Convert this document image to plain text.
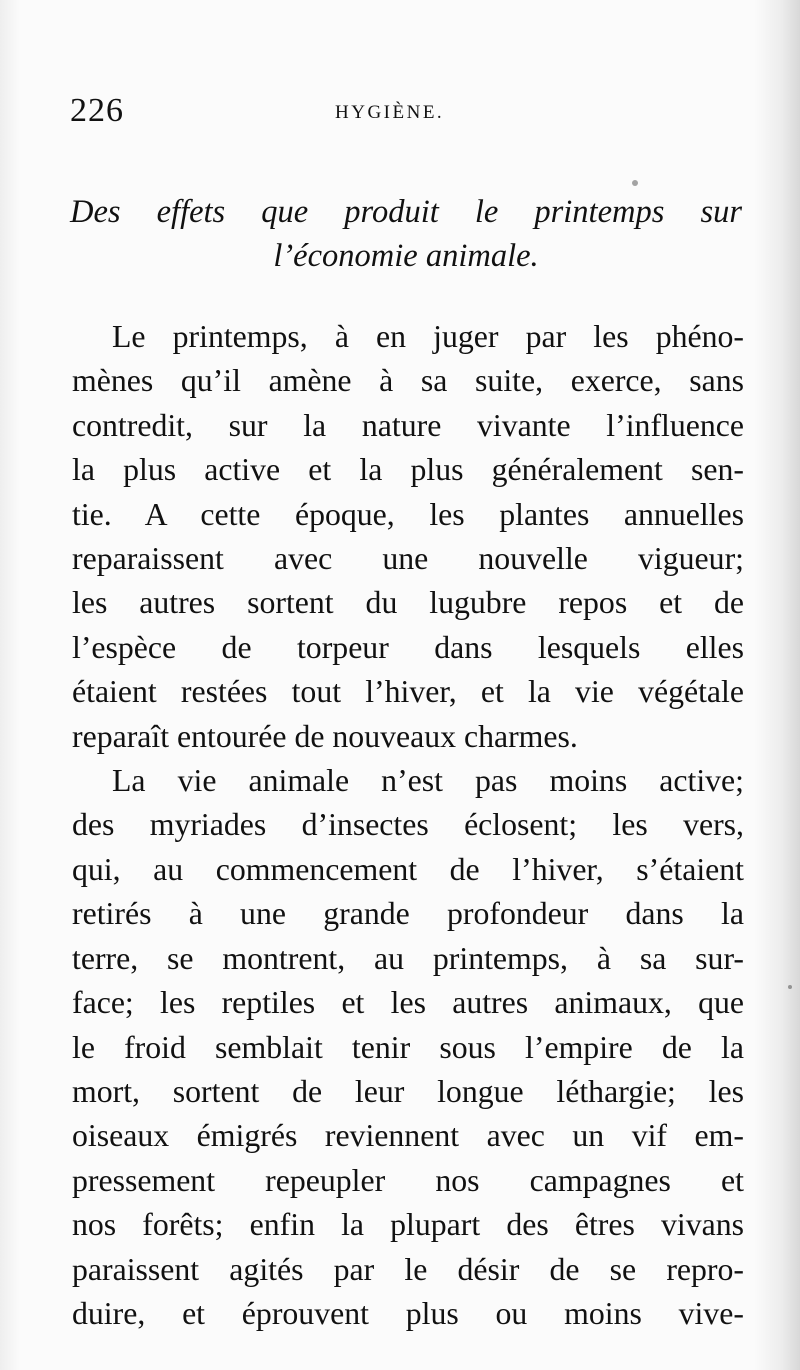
226	HYGIÈNE.
Des effets que produit le printemps sur
l’économie animale.
Le printemps, à en juger par les phéno-
mènes qu’il amène à sa suite, exerce, sans
contredit, sur la nature vivante l’influence
la plus active et la plus généralement sen-
tie. A cette époque, les plantes annuelles
reparaissent avec une nouvelle vigueur;
les autres sortent du lugubre repos et de
l’espèce de torpeur dans lesquels elles
étaient restées tout l’hiver, et la vie végétale
reparaît entourée de nouveaux charmes.
La vie animale n’est pas moins active;
des myriades d’insectes éclosent; les vers,
qui, au commencement de l’hiver, s’étaient
retirés à une grande profondeur dans la
terre, se montrent, au printemps, à sa sur-
face; les reptiles et les autres animaux, que
le froid semblait tenir sous l’empire de la
mort, sortent de leur longue léthargie; les
oiseaux émigrés reviennent avec un vif em-
pressement repeupler nos campagnes et
nos forêts; enfin la plupart des êtres vivans
paraissent agités par le désir de se repro-
duire, et éprouvent plus ou moins vive-
